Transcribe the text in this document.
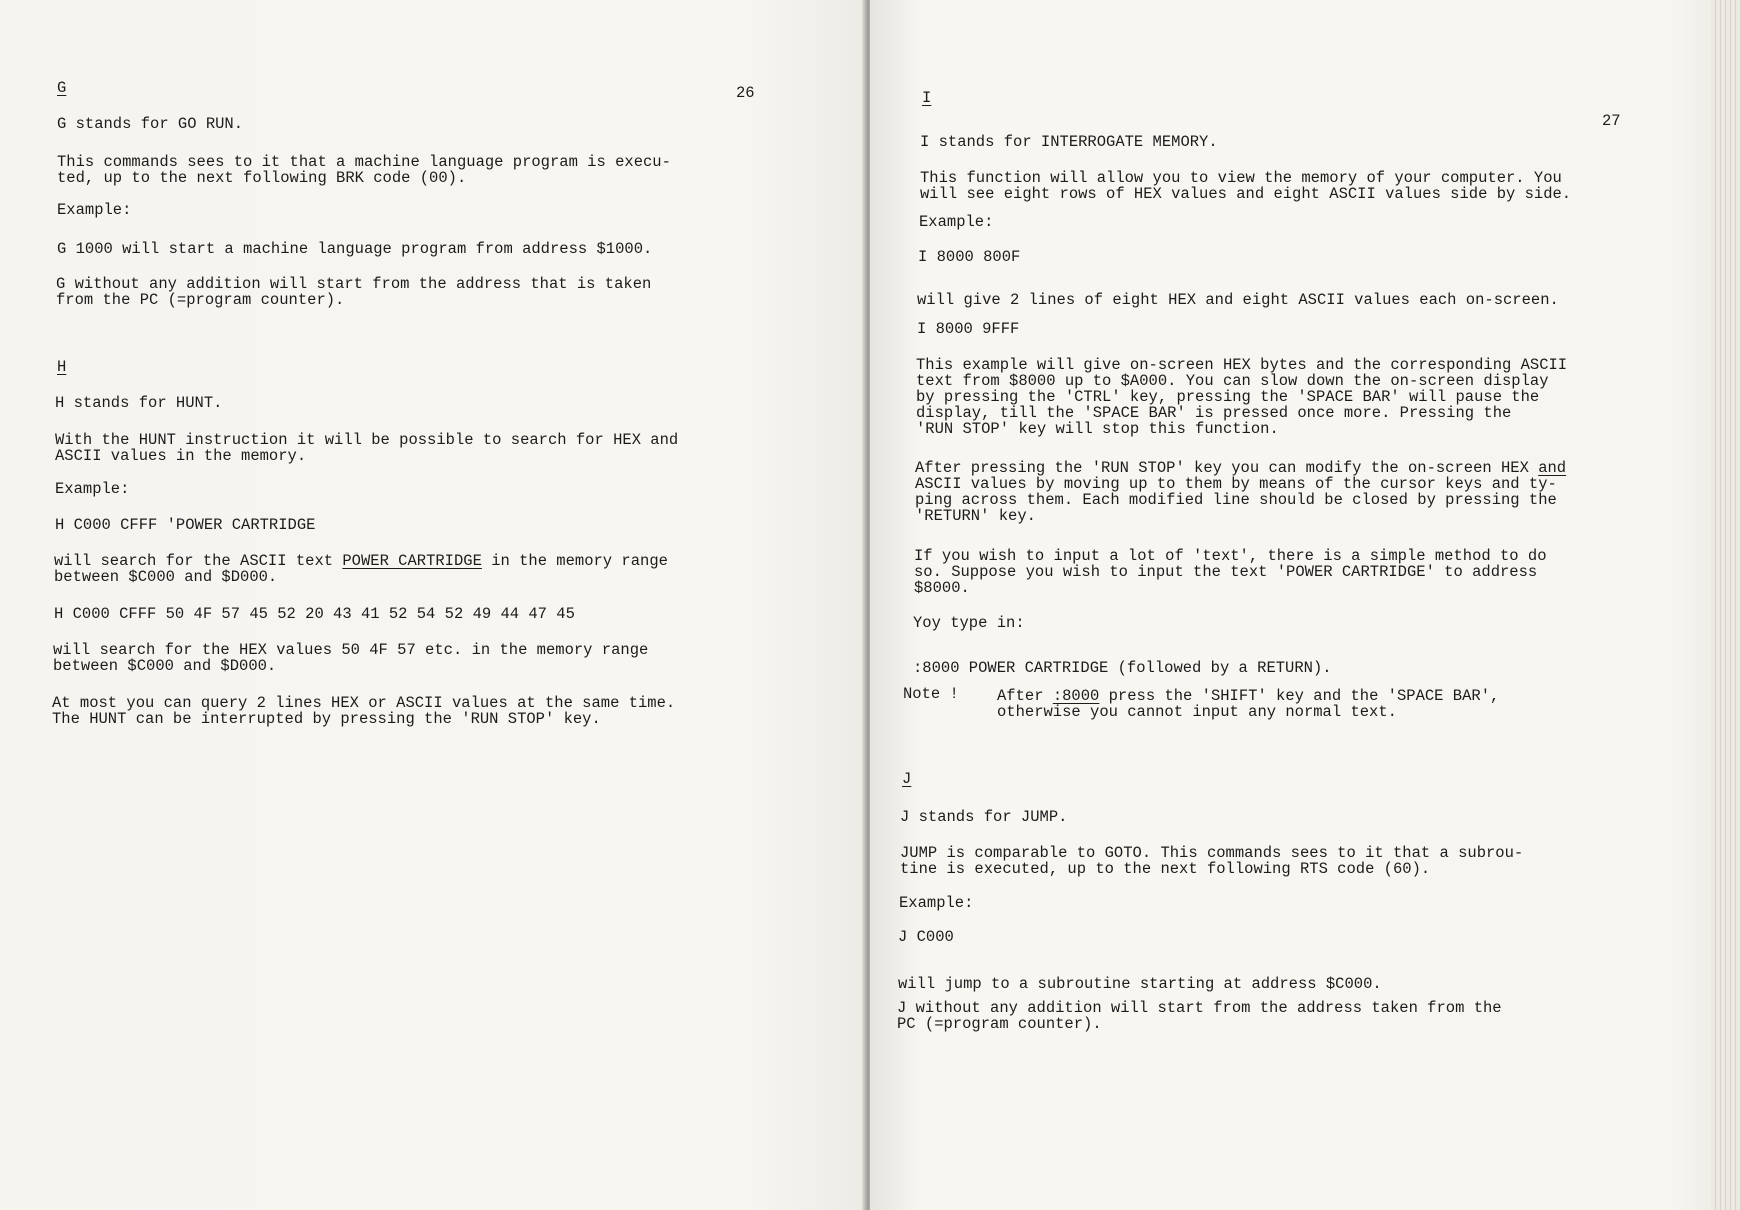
26
G
G stands for GO RUN.
This commands sees to it that a machine language program is execu-
ted, up to the next following BRK code (00).
Example:
G 1000 will start a machine language program from address $1000.
G without any addition will start from the address that is taken
from the PC (=program counter).
H
H stands for HUNT.
With the HUNT instruction it will be possible to search for HEX and
ASCII values in the memory.
Example:
H C000 CFFF 'POWER CARTRIDGE
will search for the ASCII text POWER CARTRIDGE in the memory range
between $C000 and $D000.
H C000 CFFF 50 4F 57 45 52 20 43 41 52 54 52 49 44 47 45
will search for the HEX values 50 4F 57 etc. in the memory range
between $C000 and $D000.
At most you can query 2 lines HEX or ASCII values at the same time.
The HUNT can be interrupted by pressing the 'RUN STOP' key.
27
I
I stands for INTERROGATE MEMORY.
This function will allow you to view the memory of your computer. You
will see eight rows of HEX values and eight ASCII values side by side.
Example:
I 8000 800F
will give 2 lines of eight HEX and eight ASCII values each on-screen.
I 8000 9FFF
This example will give on-screen HEX bytes and the corresponding ASCII
text from $8000 up to $A000. You can slow down the on-screen display
by pressing the 'CTRL' key, pressing the 'SPACE BAR' will pause the
display, till the 'SPACE BAR' is pressed once more. Pressing the
'RUN STOP' key will stop this function.
After pressing the 'RUN STOP' key you can modify the on-screen HEX and
ASCII values by moving up to them by means of the cursor keys and ty-
ping across them. Each modified line should be closed by pressing the
'RETURN' key.
If you wish to input a lot of 'text', there is a simple method to do
so. Suppose you wish to input the text 'POWER CARTRIDGE' to address
$8000.
Yoy type in:
:8000 POWER CARTRIDGE (followed by a RETURN).
Note ! After :8000 press the 'SHIFT' key and the 'SPACE BAR',
otherwise you cannot input any normal text.
J
J stands for JUMP.
JUMP is comparable to GOTO. This commands sees to it that a subrou-
tine is executed, up to the next following RTS code (60).
Example:
J C000
will jump to a subroutine starting at address $C000.
J without any addition will start from the address taken from the
PC (=program counter).
